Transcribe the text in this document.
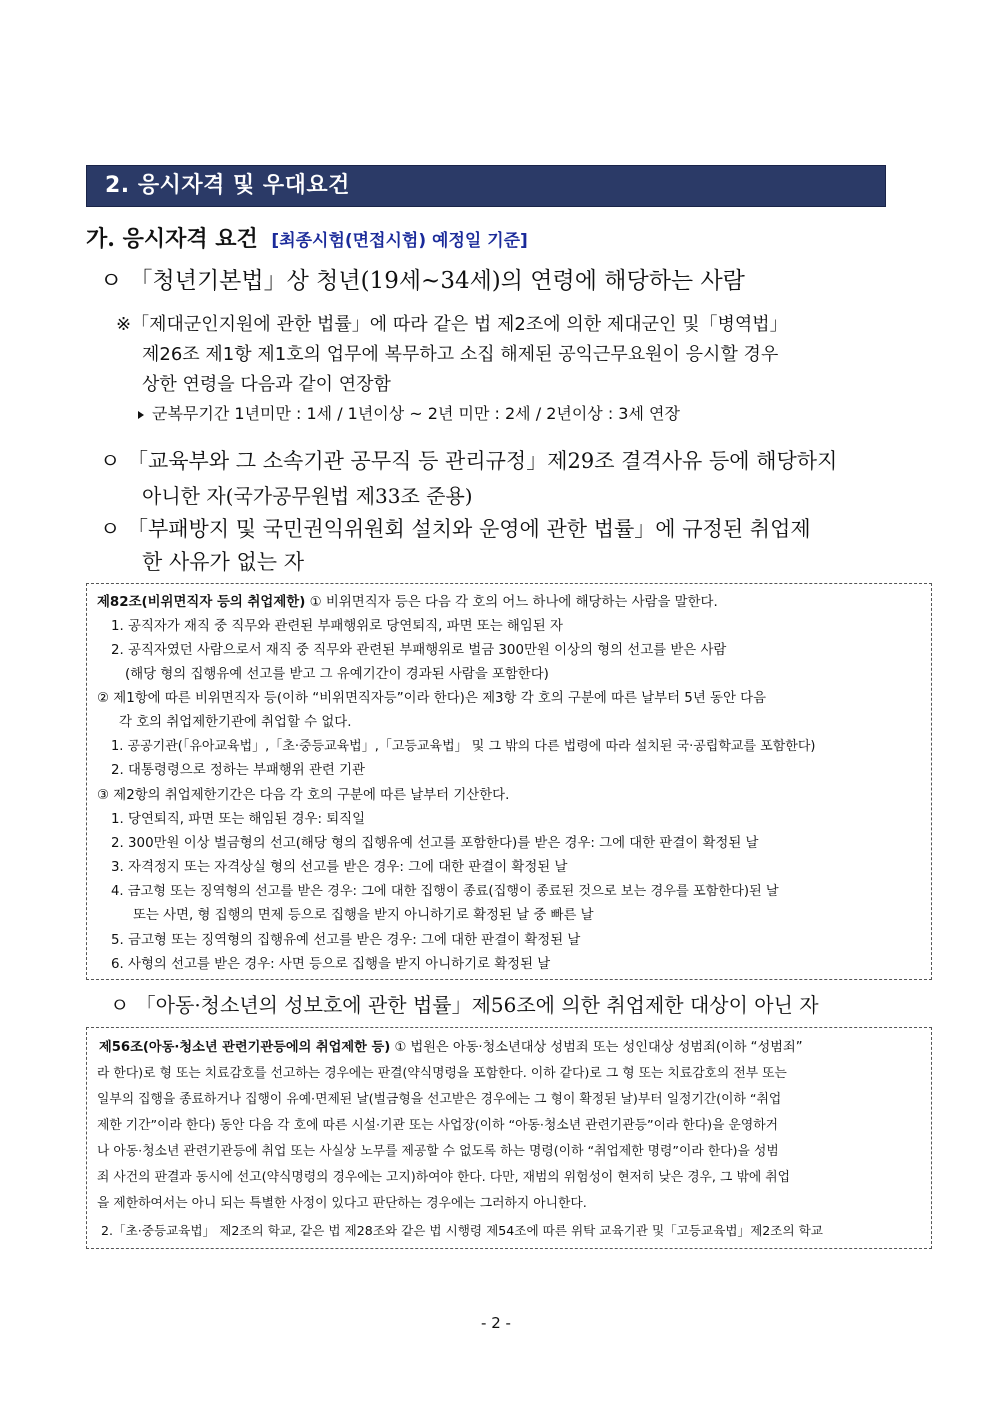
2. 응시자격 및 우대요건
가. 응시자격 요건 [최종시험(면접시험) 예정일 기준]
ㅇ 「청년기본법」상 청년(19세~34세)의 연령에 해당하는 사람
※「제대군인지원에 관한 법률」에 따라 같은 법 제2조에 의한 제대군인 및「병역법」
제26조 제1항 제1호의 업무에 복무하고 소집 해제된 공익근무요원이 응시할 경우
상한 연령을 다음과 같이 연장함
군복무기간 1년미만 : 1세 / 1년이상 ~ 2년 미만 : 2세 / 2년이상 : 3세 연장
ㅇ 「교육부와 그 소속기관 공무직 등 관리규정」제29조 결격사유 등에 해당하지
아니한 자(국가공무원법 제33조 준용)
ㅇ 「부패방지 및 국민권익위원회 설치와 운영에 관한 법률」에 규정된 취업제
한 사유가 없는 자
제82조(비위면직자 등의 취업제한) ① 비위면직자 등은 다음 각 호의 어느 하나에 해당하는 사람을 말한다.
1. 공직자가 재직 중 직무와 관련된 부패행위로 당연퇴직, 파면 또는 해임된 자
2. 공직자였던 사람으로서 재직 중 직무와 관련된 부패행위로 벌금 300만원 이상의 형의 선고를 받은 사람
(해당 형의 집행유예 선고를 받고 그 유예기간이 경과된 사람을 포함한다)
② 제1항에 따른 비위면직자 등(이하 “비위면직자등”이라 한다)은 제3항 각 호의 구분에 따른 날부터 5년 동안 다음
각 호의 취업제한기관에 취업할 수 없다.
1. 공공기관(「유아교육법」,「초·중등교육법」,「고등교육법」 및 그 밖의 다른 법령에 따라 설치된 국·공립학교를 포함한다)
2. 대통령령으로 정하는 부패행위 관련 기관
③ 제2항의 취업제한기간은 다음 각 호의 구분에 따른 날부터 기산한다.
1. 당연퇴직, 파면 또는 해임된 경우: 퇴직일
2. 300만원 이상 벌금형의 선고(해당 형의 집행유예 선고를 포함한다)를 받은 경우: 그에 대한 판결이 확정된 날
3. 자격정지 또는 자격상실 형의 선고를 받은 경우: 그에 대한 판결이 확정된 날
4. 금고형 또는 징역형의 선고를 받은 경우: 그에 대한 집행이 종료(집행이 종료된 것으로 보는 경우를 포함한다)된 날
또는 사면, 형 집행의 면제 등으로 집행을 받지 아니하기로 확정된 날 중 빠른 날
5. 금고형 또는 징역형의 집행유예 선고를 받은 경우: 그에 대한 판결이 확정된 날
6. 사형의 선고를 받은 경우: 사면 등으로 집행을 받지 아니하기로 확정된 날
ㅇ 「아동·청소년의 성보호에 관한 법률」제56조에 의한 취업제한 대상이 아닌 자
제56조(아동·청소년 관련기관등에의 취업제한 등) ① 법원은 아동·청소년대상 성범죄 또는 성인대상 성범죄(이하 “성범죄”
라 한다)로 형 또는 치료감호를 선고하는 경우에는 판결(약식명령을 포함한다. 이하 같다)로 그 형 또는 치료감호의 전부 또는
일부의 집행을 종료하거나 집행이 유예·면제된 날(벌금형을 선고받은 경우에는 그 형이 확정된 날)부터 일정기간(이하 “취업
제한 기간”이라 한다) 동안 다음 각 호에 따른 시설·기관 또는 사업장(이하 “아동·청소년 관련기관등”이라 한다)을 운영하거
나 아동·청소년 관련기관등에 취업 또는 사실상 노무를 제공할 수 없도록 하는 명령(이하 “취업제한 명령”이라 한다)을 성범
죄 사건의 판결과 동시에 선고(약식명령의 경우에는 고지)하여야 한다. 다만, 재범의 위험성이 현저히 낮은 경우, 그 밖에 취업
을 제한하여서는 아니 되는 특별한 사정이 있다고 판단하는 경우에는 그러하지 아니한다.
2.「초·중등교육법」 제2조의 학교, 같은 법 제28조와 같은 법 시행령 제54조에 따른 위탁 교육기관 및「고등교육법」제2조의 학교
- 2 -
